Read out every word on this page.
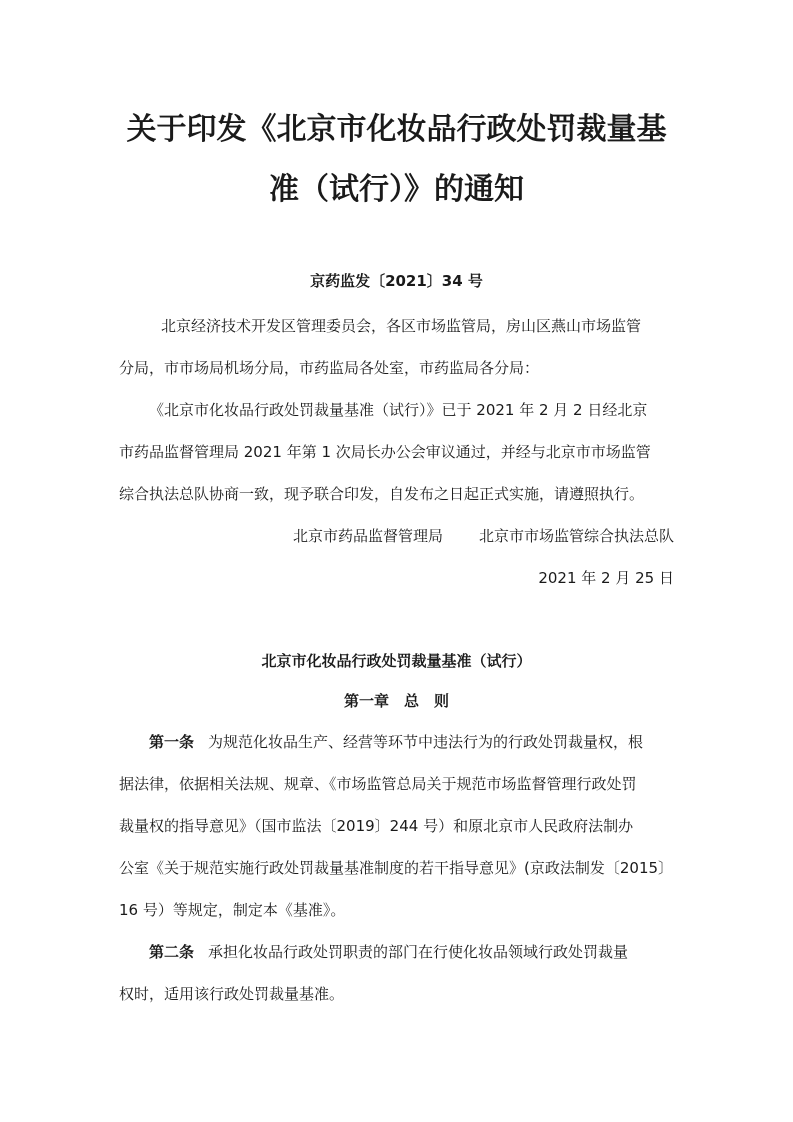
关于印发《北京市化妆品行政处罚裁量基
准（试行）》的通知

京药监发〔2021〕34 号

北京经济技术开发区管理委员会，各区市场监管局，房山区燕山市场监管
分局，市市场局机场分局，市药监局各处室，市药监局各分局：

《北京市化妆品行政处罚裁量基准（试行）》已于 2021 年 2 月 2 日经北京
市药品监督管理局 2021 年第 1 次局长办公会审议通过，并经与北京市市场监管
综合执法总队协商一致，现予联合印发，自发布之日起正式实施，请遵照执行。

北京市药品监督管理局 北京市市场监管综合执法总队

2021 年 2 月 25 日

北京市化妆品行政处罚裁量基准（试行）
第一章　总　则

第一条 为规范化妆品生产、经营等环节中违法行为的行政处罚裁量权，根
据法律，依据相关法规、规章、《市场监管总局关于规范市场监督管理行政处罚
裁量权的指导意见》（国市监法〔2019〕244 号）和原北京市人民政府法制办
公室《关于规范实施行政处罚裁量基准制度的若干指导意见》(京政法制发〔2015〕
16 号）等规定，制定本《基准》。

第二条 承担化妆品行政处罚职责的部门在行使化妆品领域行政处罚裁量
权时，适用该行政处罚裁量基准。
